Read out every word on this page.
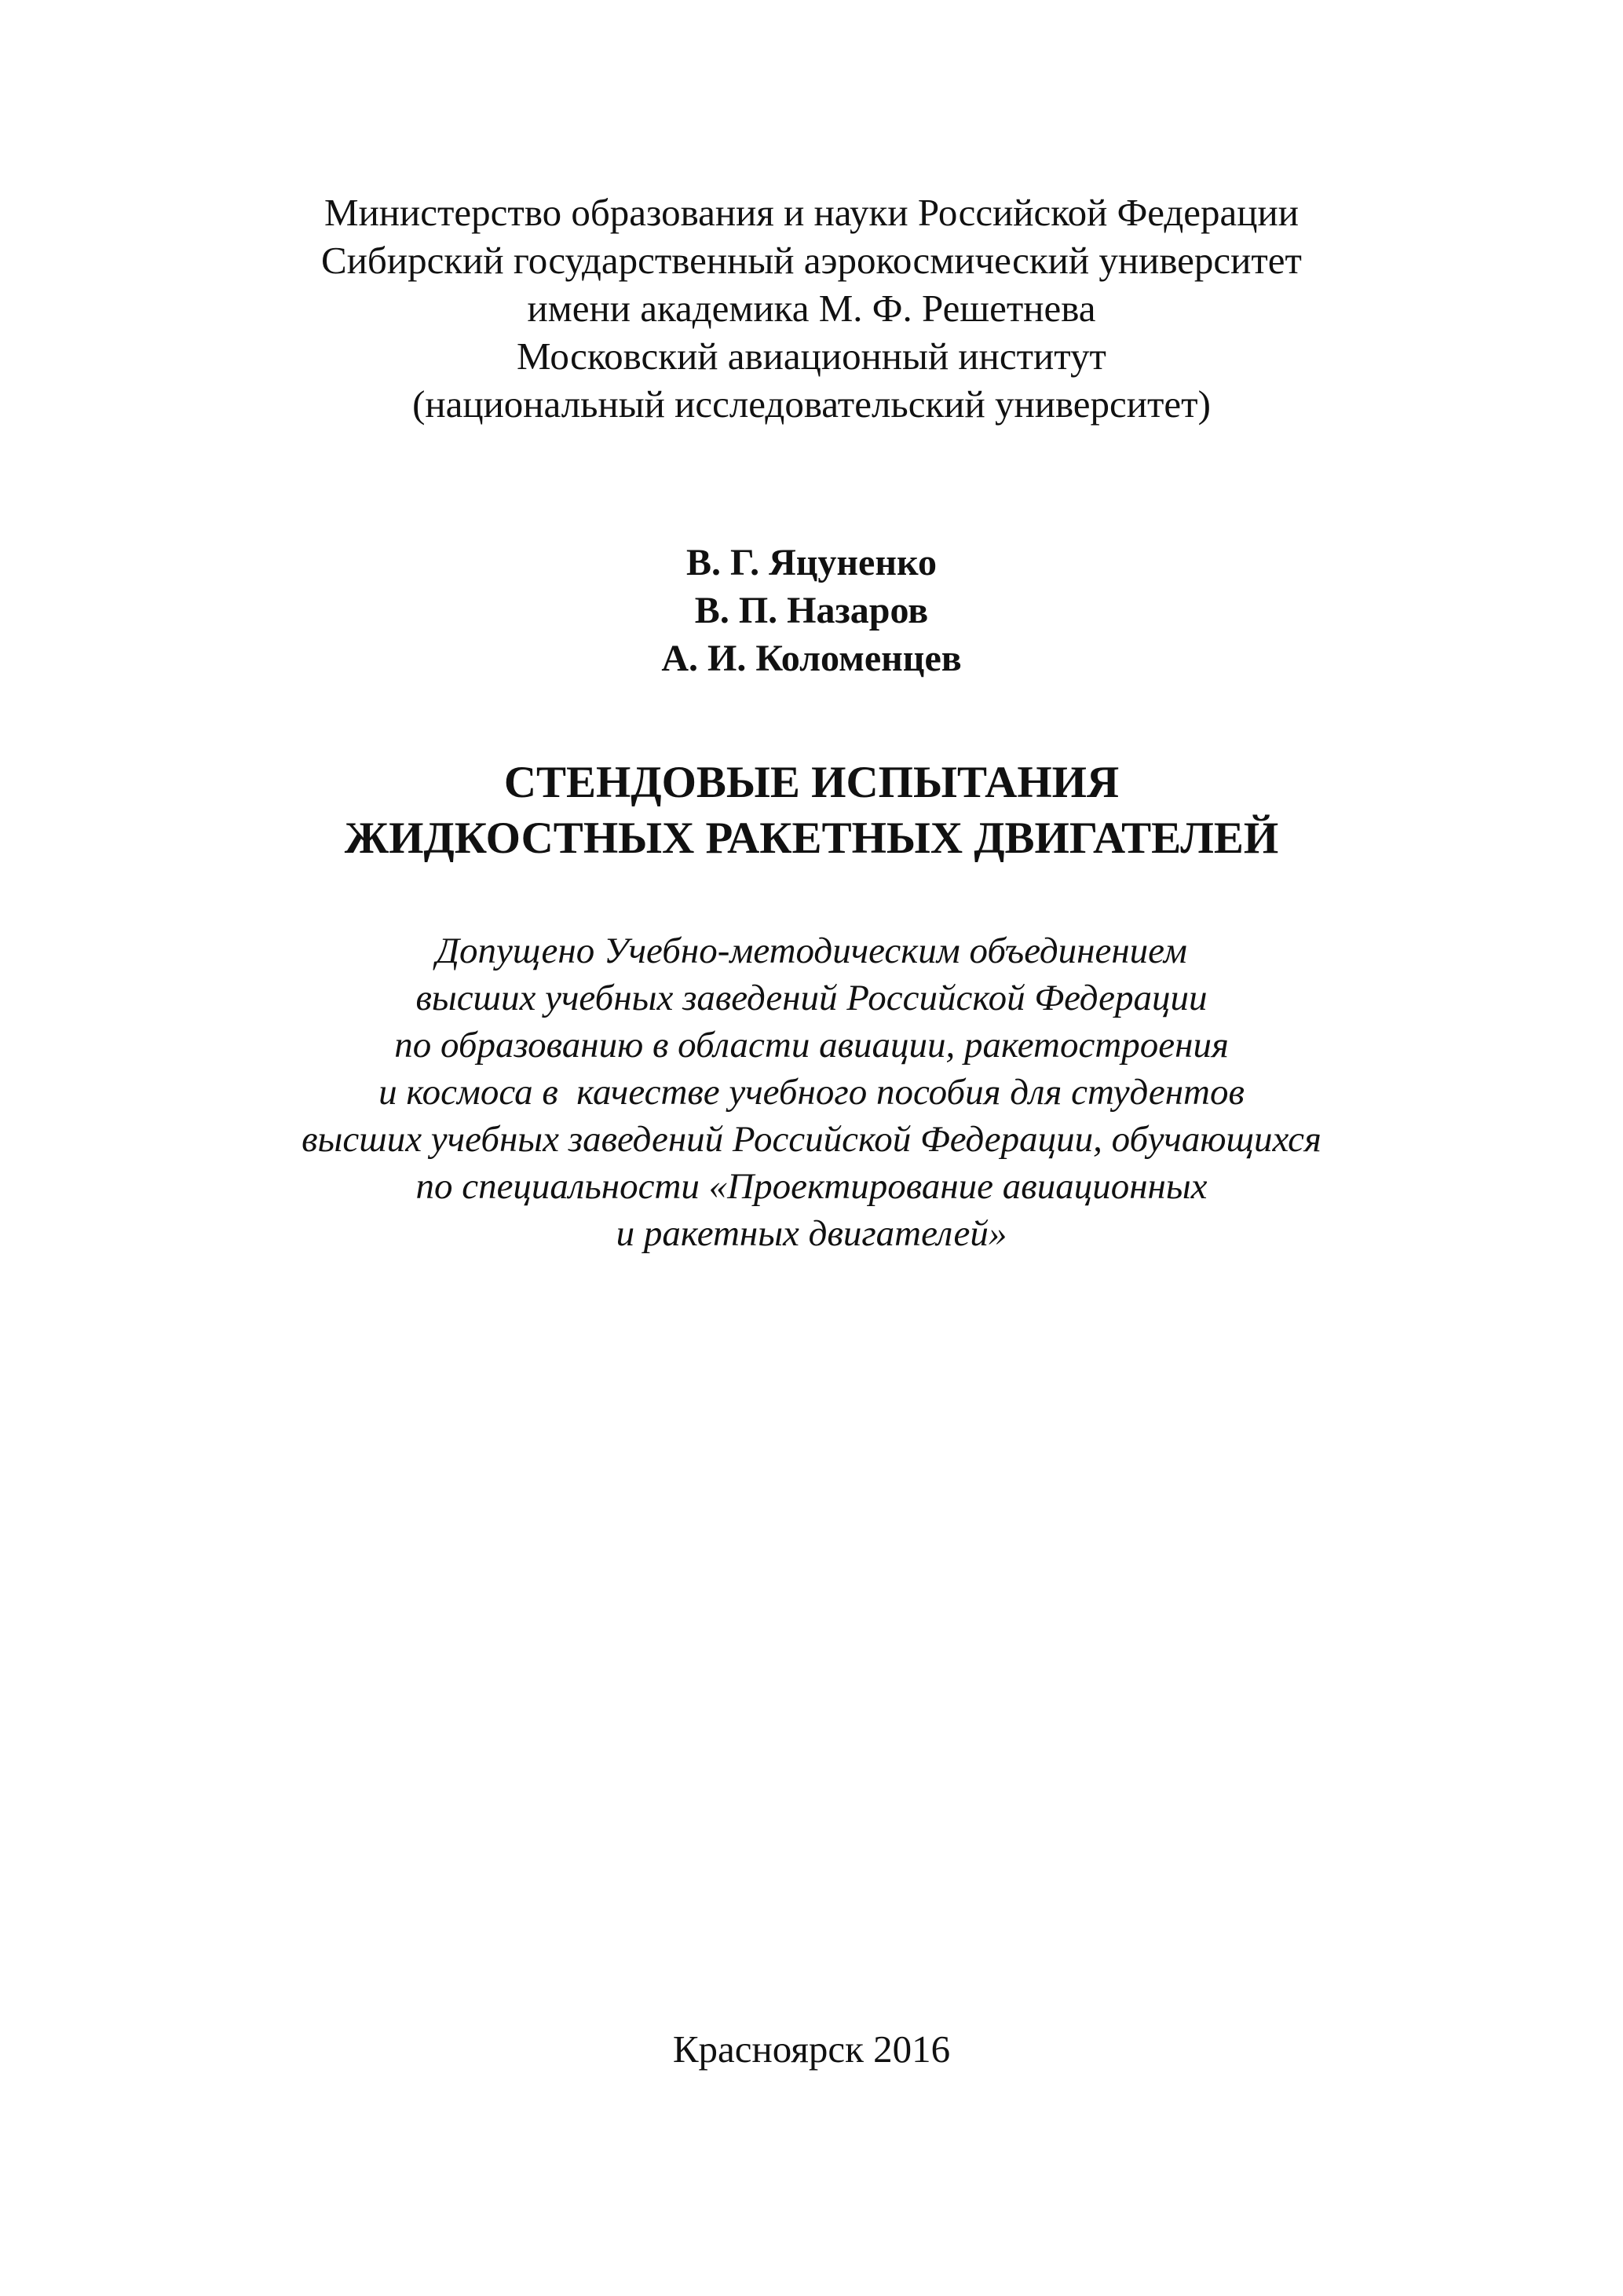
Министерство образования и науки Российской Федерации
Сибирский государственный аэрокосмический университет
имени академика М. Ф. Решетнева
Московский авиационный институт
(национальный исследовательский университет)
В. Г. Яцуненко
В. П. Назаров
А. И. Коломенцев
СТЕНДОВЫЕ ИСПЫТАНИЯ
ЖИДКОСТНЫХ РАКЕТНЫХ ДВИГАТЕЛЕЙ
Допущено Учебно-методическим объединением
высших учебных заведений Российской Федерации
по образованию в области авиации, ракетостроения
и космоса в  качестве учебного пособия для студентов
высших учебных заведений Российской Федерации, обучающихся
по специальности «Проектирование авиационных
и ракетных двигателей»
Красноярск 2016
